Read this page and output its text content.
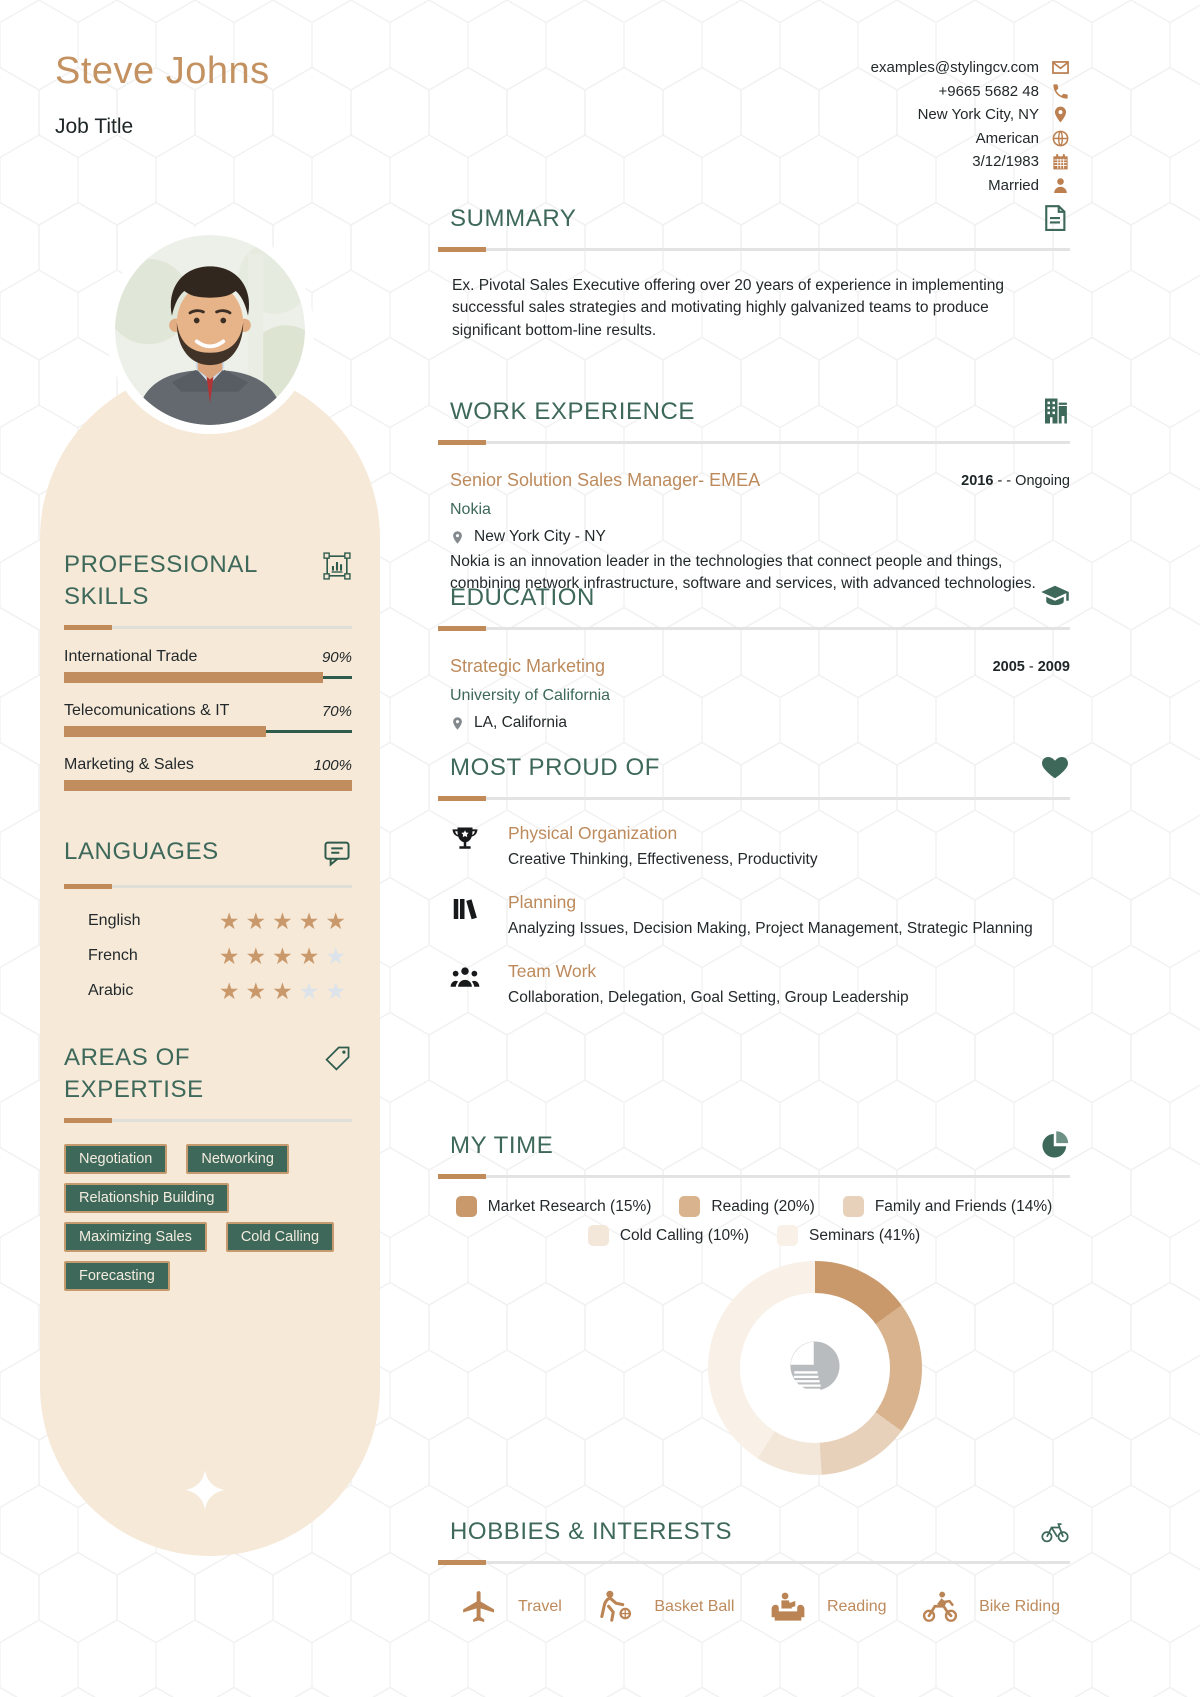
Steve Johns
Job Title
examples@stylingcv.com
+9665 5682 48
New York City, NY
American
3/12/1983
Married
SUMMARY

Ex. Pivotal Sales Executive offering over 20 years of experience in implementing successful sales strategies and motivating highly galvanized teams to produce significant bottom-line results.

WORK EXPERIENCE
Senior Solution Sales Manager- EMEA	2016 - - Ongoing
Nokia
New York City - NY

Nokia is an innovation leader in the technologies that connect people and things, combining network infrastructure, software and services, with advanced technologies.

EDUCATION
Strategic Marketing	2005 - 2009
University of California
LA, California
MOST PROUD OF
Physical Organization
Creative Thinking, Effectiveness, Productivity
Planning
Analyzing Issues, Decision Making, Project Management, Strategic Planning
Team Work
Collaboration, Delegation, Goal Setting, Group Leadership
MY TIME
Market Research (15%)	Reading (20%)	Family and Friends (14%)
Cold Calling (10%)	Seminars (41%)
HOBBIES & INTERESTS
Travel	Basket Ball	Reading	Bike Riding
PROFESSIONAL SKILLS
International Trade	90%
Telecomunications & IT	70%
Marketing & Sales	100%
LANGUAGES
English	★★★★★
French	★★★★★
Arabic	★★★★★
AREAS OF EXPERTISE
Negotiation	Networking
Relationship Building
Maximizing Sales	Cold Calling
Forecasting
